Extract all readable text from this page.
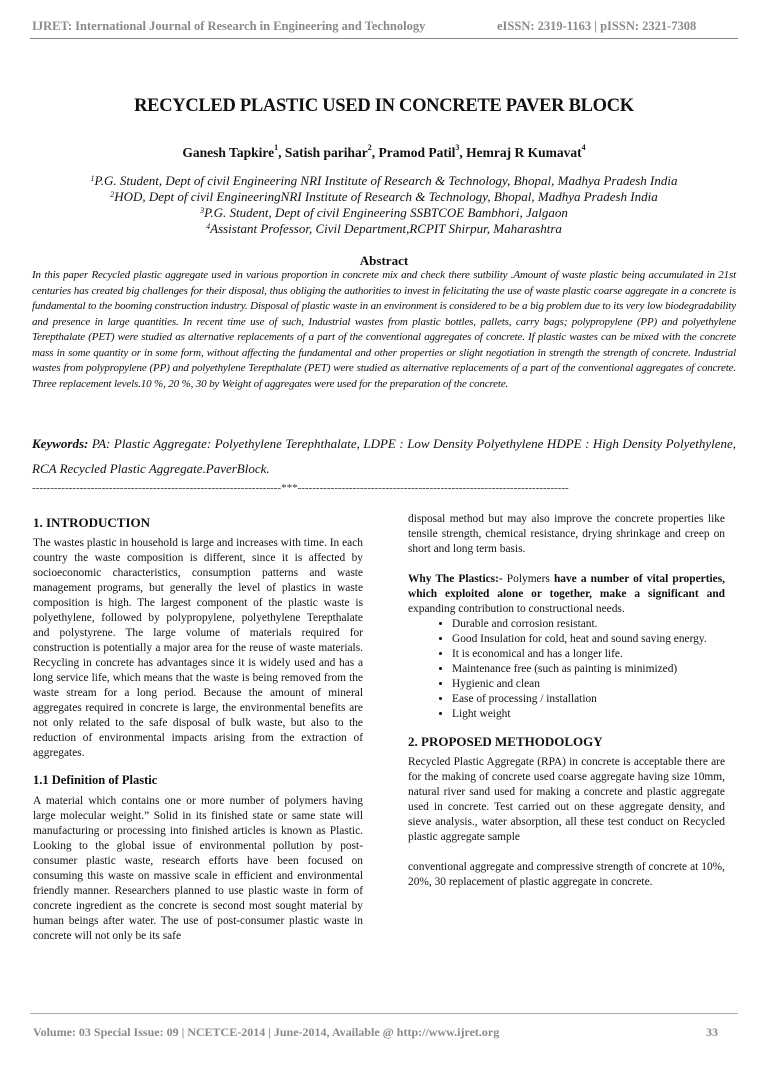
IJRET: International Journal of Research in Engineering and Technology	eISSN: 2319-1163 | pISSN: 2321-7308
RECYCLED PLASTIC USED IN CONCRETE PAVER BLOCK
Ganesh Tapkire$^1$, Satish parihar$^2$, Pramod Patil$^3$, Hemraj R Kumavat$^4$
$^1$P.G. Student, Dept of civil Engineering NRI Institute of Research & Technology, Bhopal, Madhya Pradesh India
$^2$HOD, Dept of civil EngineeringNRI Institute of Research & Technology, Bhopal, Madhya Pradesh India
$^3$P.G. Student, Dept of civil Engineering SSBTCOE Bambhori, Jalgaon
$^4$Assistant Professor, Civil Department,RCPIT Shirpur, Maharashtra
Abstract
In this paper Recycled plastic aggregate used in various proportion in concrete mix and check there sutbility .Amount of waste plastic being accumulated in 21st centuries has created big challenges for their disposal, thus obliging the authorities to invest in felicitating the use of waste plastic coarse aggregate in a concrete is fundamental to the booming construction industry. Disposal of plastic waste in an environment is considered to be a big problem due to its very low biodegradability and presence in large quantities. In recent time use of such, Industrial wastes from plastic bottles, pallets, carry bags; polypropylene (PP) and polyethylene Terepthalate (PET) were studied as alternative replacements of a part of the conventional aggregates of concrete. If plastic wastes can be mixed with the concrete mass in some quantity or in some form, without affecting the fundamental and other properties or slight negotiation in strength the strength of concrete. Industrial wastes from polypropylene (PP) and polyethylene Terepthalate (PET) were studied as alternative replacements of a part of the conventional aggregates of concrete. Three replacement levels.10 %, 20 %, 30 by Weight of aggregates were used for the preparation of the concrete.
Keywords: PA: Plastic Aggregate: Polyethylene Terephthalate, LDPE : Low Density Polyethylene HDPE : High Density Polyethylene, RCA Recycled Plastic Aggregate.PaverBlock.
--------------------------------------------------------------------***--------------------------------------------------------------------------
1. INTRODUCTION

The wastes plastic in household is large and increases with time. In each country the waste composition is different, since it is affected by socioeconomic characteristics, consumption patterns and waste management programs, but generally the level of plastics in waste composition is high. The largest component of the plastic waste is polyethylene, followed by polypropylene, polyethylene Terepthalate and polystyrene. The large volume of materials required for construction is potentially a major area for the reuse of waste materials. Recycling in concrete has advantages since it is widely used and has a long service life, which means that the waste is being removed from the waste stream for a long period. Because the amount of mineral aggregates required in concrete is large, the environmental benefits are not only related to the safe disposal of bulk waste, but also to the reduction of environmental impacts arising from the extraction of aggregates.

1.1 Definition of Plastic

A material which contains one or more number of polymers having large molecular weight.” Solid in its finished state or same state will manufacturing or processing into finished articles is known as Plastic. Looking to the global issue of environmental pollution by post-consumer plastic waste, research efforts have been focused on consuming this waste on massive scale in efficient and environmental friendly manner. Researchers planned to use plastic waste in form of concrete ingredient as the concrete is second most sought material by human beings after water. The use of post-consumer plastic waste in concrete will not only be its safe

disposal method but may also improve the concrete properties like tensile strength, chemical resistance, drying shrinkage and creep on short and long term basis.

Why The Plastics:- Polymers have a number of vital properties, which exploited alone or together, make a significant and expanding contribution to constructional needs.

• Durable and corrosion resistant.
• Good Insulation for cold, heat and sound saving energy.
• It is economical and has a longer life.
• Maintenance free (such as painting is minimized)
• Hygienic and clean
• Ease of processing / installation
• Light weight
2. PROPOSED METHODOLOGY

Recycled Plastic Aggregate (RPA) in concrete is acceptable there are for the making of concrete used coarse aggregate having size 10mm, natural river sand used for making a concrete and plastic aggregate used in concrete. Test carried out on these aggregate density, and sieve analysis., water absorption, all these test conduct on Recycled plastic aggregate sample

conventional aggregate and compressive strength of concrete at 10%, 20%, 30 replacement of plastic aggregate in concrete.

Volume: 03 Special Issue: 09 | NCETCE-2014 | June-2014, Available @ http://www.ijret.org	33
